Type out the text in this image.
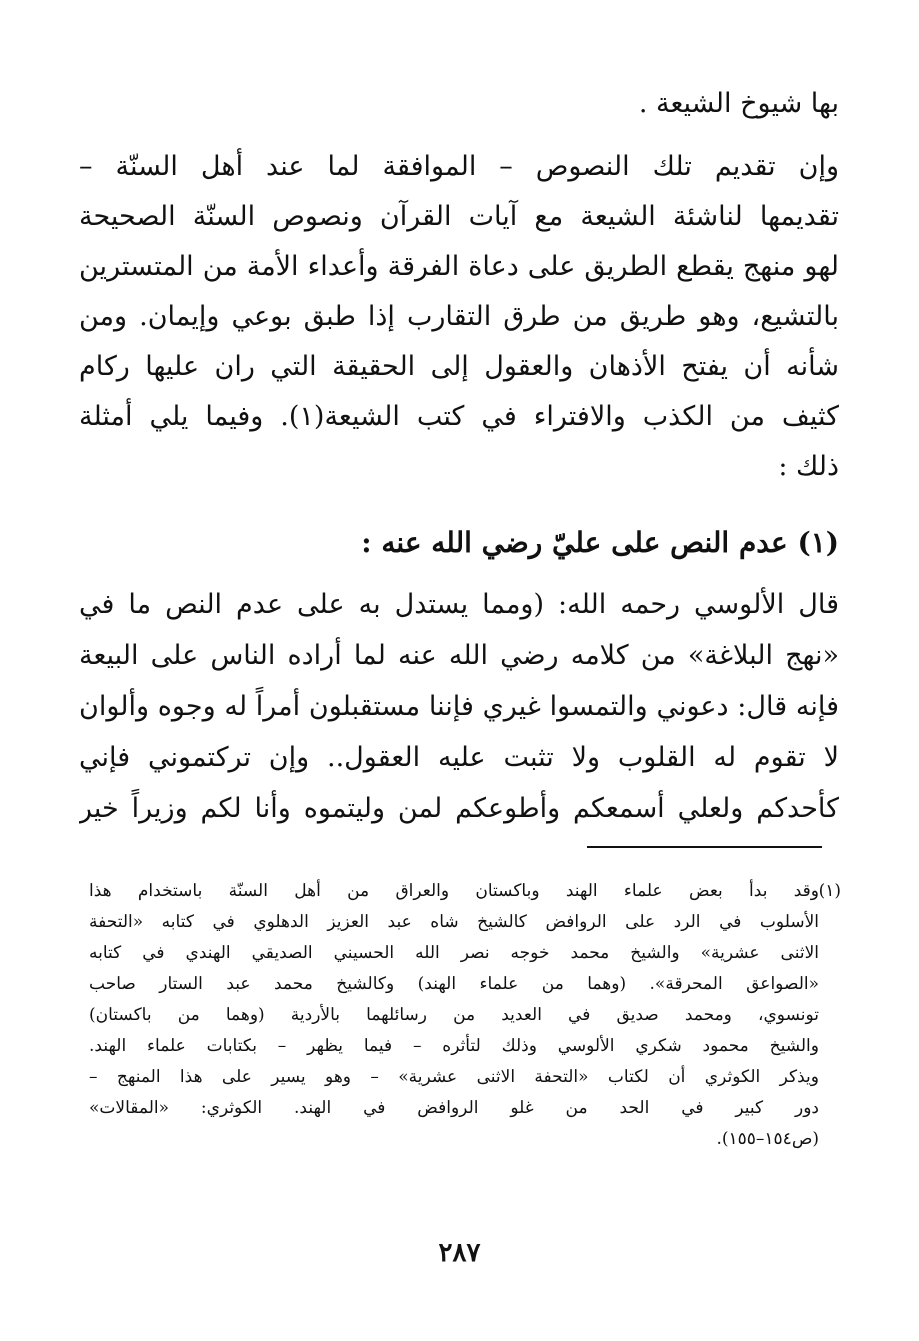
بها شيوخ الشيعة .
وإن تقديم تلك النصوص – الموافقة لما عند أهل السنّة –
تقديمها لناشئة الشيعة مع آيات القرآن ونصوص السنّة الصحيحة
لهو منهج يقطع الطريق على دعاة الفرقة وأعداء الأمة من المتسترين
بالتشيع، وهو طريق من طرق التقارب إذا طبق بوعي وإيمان. ومن
شأنه أن يفتح الأذهان والعقول إلى الحقيقة التي ران عليها ركام
كثيف من الكذب والافتراء في كتب الشيعة(١). وفيما يلي أمثلة
ذلك :
(١) عدم النص على عليّ رضي الله عنه :
قال الألوسي رحمه الله: (ومما يستدل به على عدم النص ما في
«نهج البلاغة» من كلامه رضي الله عنه لما أراده الناس على البيعة
فإنه قال: دعوني والتمسوا غيري فإننا مستقبلون أمراً له وجوه وألوان
لا تقوم له القلوب ولا تثبت عليه العقول.. وإن تركتموني فإني
كأحدكم ولعلي أسمعكم وأطوعكم لمن وليتموه وأنا لكم وزيراً خير
(١)
وقد بدأ بعض علماء الهند وباكستان والعراق من أهل السنّة باستخدام هذا
الأسلوب في الرد على الروافض كالشيخ شاه عبد العزيز الدهلوي في كتابه «التحفة
الاثنى عشرية» والشيخ محمد خوجه نصر الله الحسيني الصديقي الهندي في كتابه
«الصواعق المحرقة». (وهما من علماء الهند) وكالشيخ محمد عبد الستار صاحب
تونسوي، ومحمد صديق في العديد من رسائلهما بالأردية (وهما من باكستان)
والشيخ محمود شكري الألوسي وذلك لتأثره – فيما يظهر – بكتابات علماء الهند.
ويذكر الكوثري أن لكتاب «التحفة الاثنى عشرية» – وهو يسير على هذا المنهج –
دور كبير في الحد من غلو الروافض في الهند. الكوثري: «المقالات»
(ص١٥٤–١٥٥).
٢٨٧
